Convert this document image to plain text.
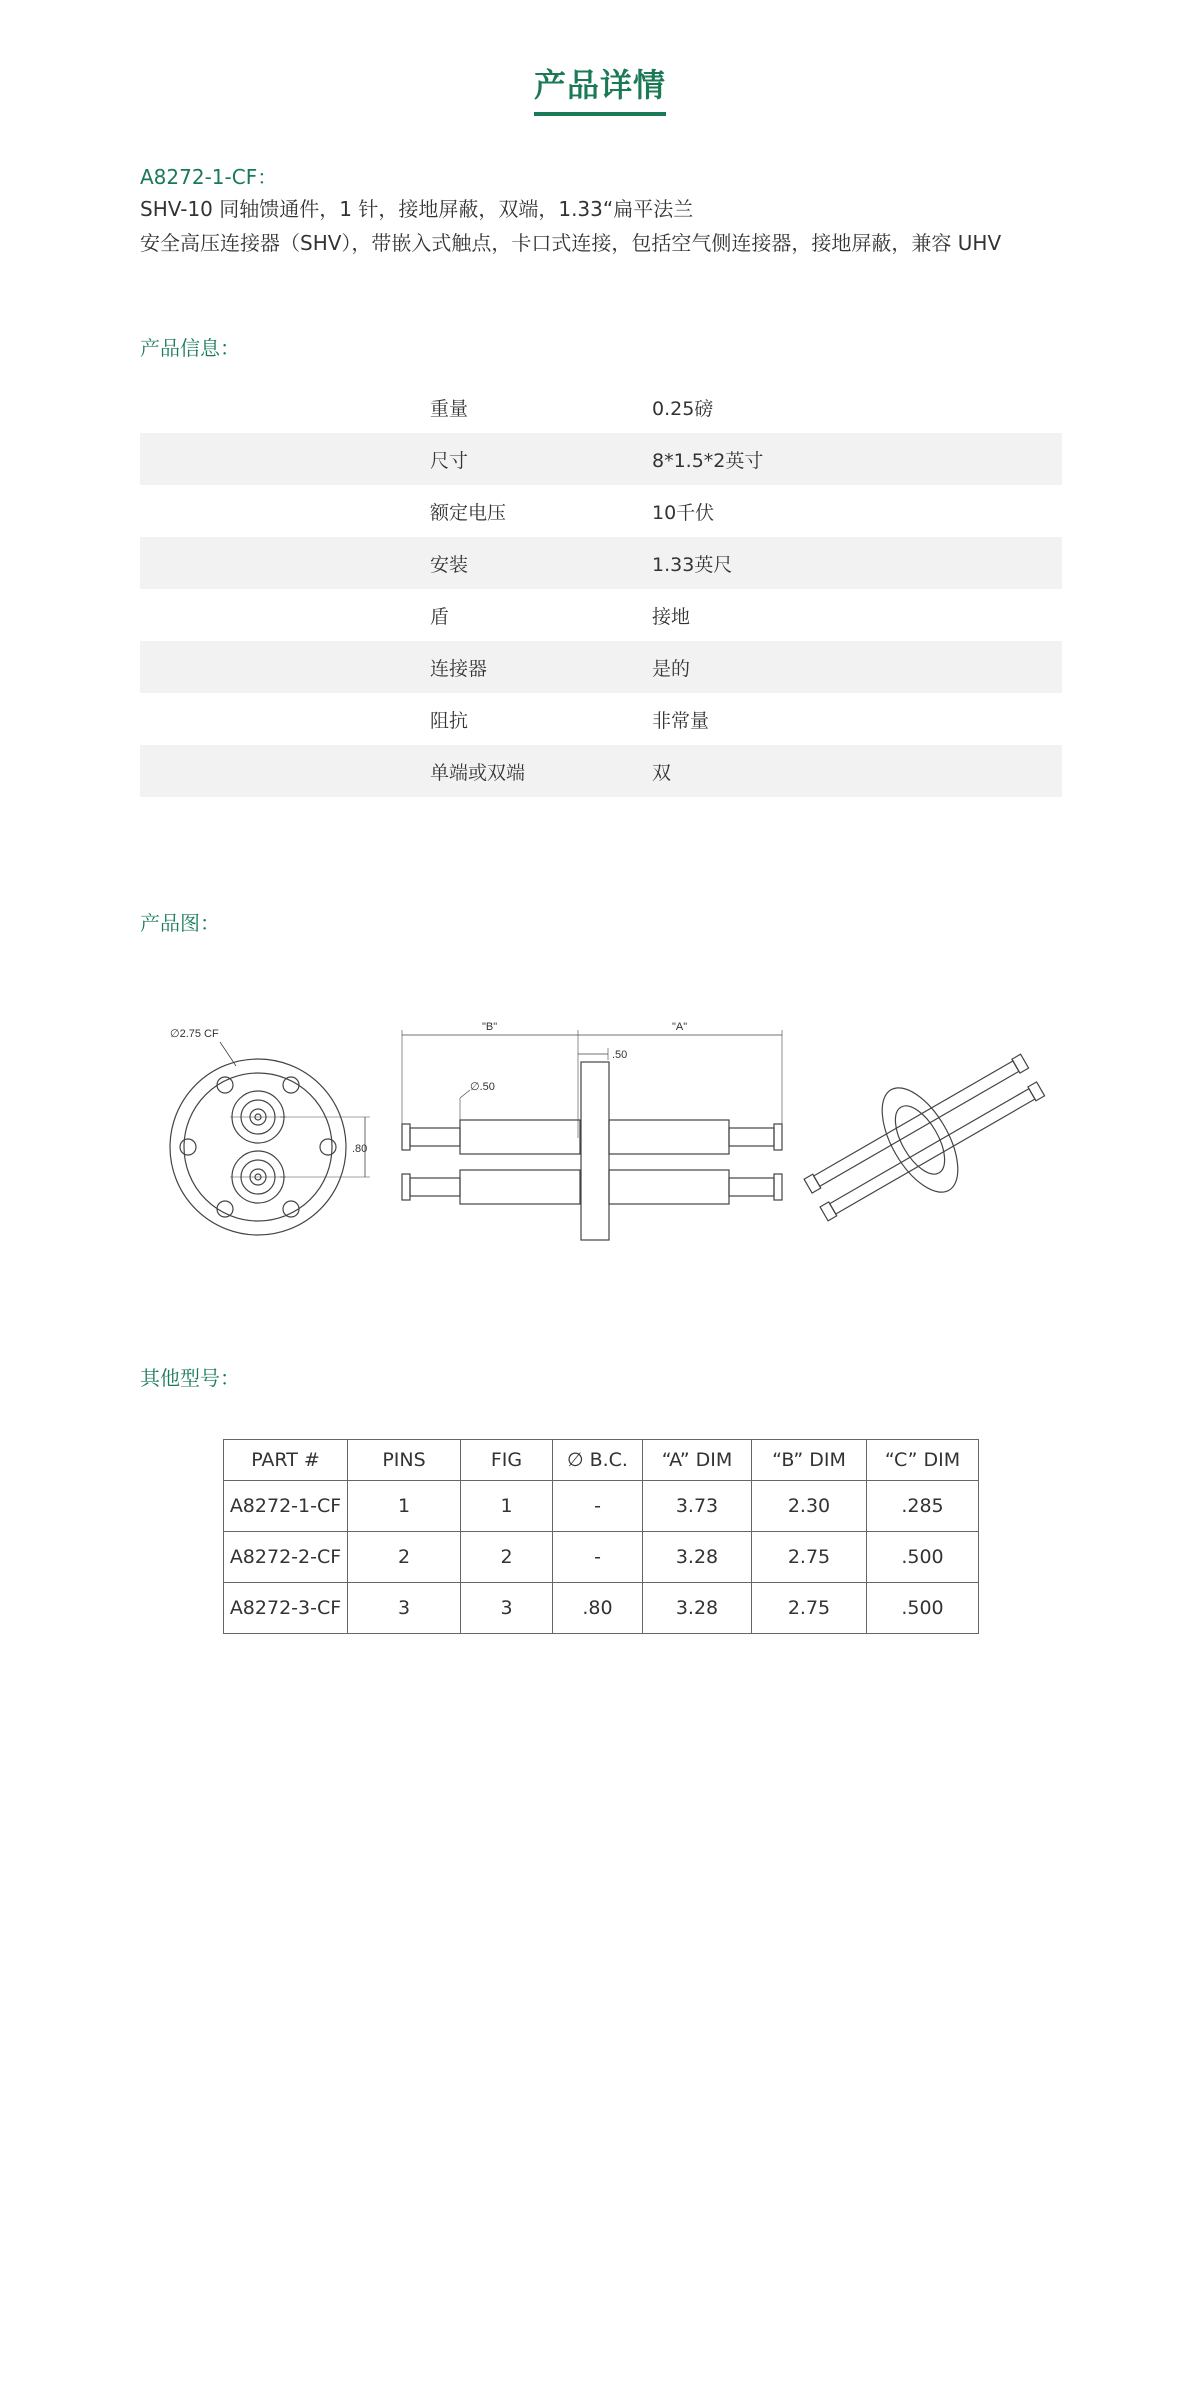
产品详情
A8272-1-CF：
SHV-10 同轴馈通件，1 针，接地屏蔽，双端，1.33“扁平法兰
安全高压连接器（SHV），带嵌入式触点，卡口式连接，包括空气侧连接器，接地屏蔽，兼容 UHV
产品信息：
重量	0.25磅
尺寸	8*1.5*2英寸
额定电压	10千伏
安装	1.33英尺
盾	接地
连接器	是的
阻抗	非常量
单端或双端	双
产品图：
∅2.75 CF
∅.50
.80
"B"	"A"
.50
其他型号：
PART #	PINS	FIG	∅ B.C.	“A” DIM	“B” DIM	“C” DIM
A8272-1-CF	1	1	-	3.73	2.30	.285
A8272-2-CF	2	2	-	3.28	2.75	.500
A8272-3-CF	3	3	.80	3.28	2.75	.500
